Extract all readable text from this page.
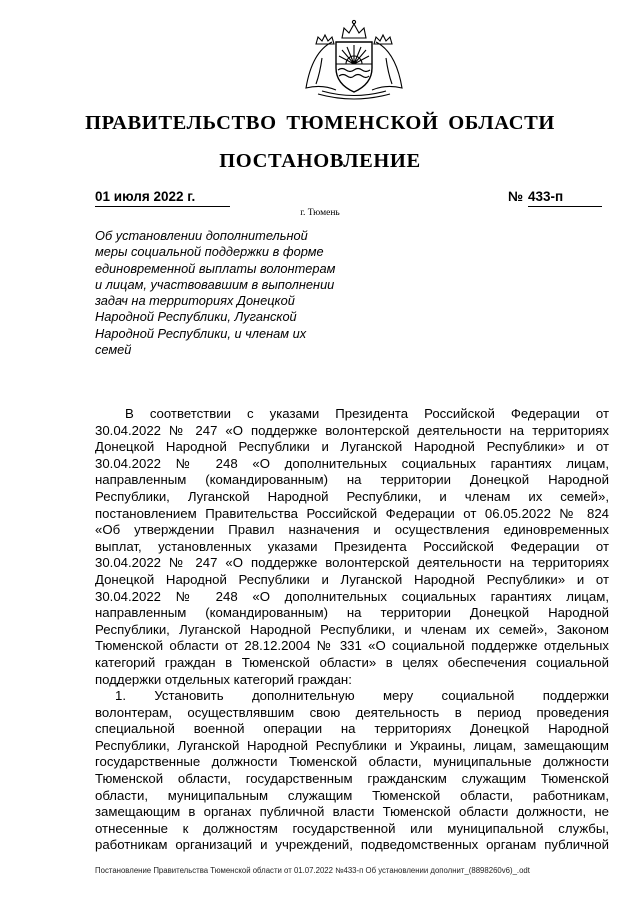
ПРАВИТЕЛЬСТВО ТЮМЕНСКОЙ ОБЛАСТИ
ПОСТАНОВЛЕНИЕ
01 июля 2022 г.	№ 433-п
г. Тюмень
Об установлении дополнительной
меры социальной поддержки в форме
единовременной выплаты волонтерам
и лицам, участвовавшим в выполнении
задач на территориях Донецкой
Народной Республики, Луганской
Народной Республики, и членам их
семей
В соответствии с указами Президента Российской Федерации от
30.04.2022 № 247 «О поддержке волонтерской деятельности на территориях
Донецкой Народной Республики и Луганской Народной Республики» и от
30.04.2022 № 248 «О дополнительных социальных гарантиях лицам,
направленным (командированным) на территории Донецкой Народной
Республики, Луганской Народной Республики, и членам их семей»,
постановлением Правительства Российской Федерации от 06.05.2022 № 824
«Об утверждении Правил назначения и осуществления единовременных
выплат, установленных указами Президента Российской Федерации от
30.04.2022 № 247 «О поддержке волонтерской деятельности на территориях
Донецкой Народной Республики и Луганской Народной Республики» и от
30.04.2022 № 248 «О дополнительных социальных гарантиях лицам,
направленным (командированным) на территории Донецкой Народной
Республики, Луганской Народной Республики, и членам их семей», Законом
Тюменской области от 28.12.2004 № 331 «О социальной поддержке отдельных
категорий граждан в Тюменской области» в целях обеспечения социальной
поддержки отдельных категорий граждан:
1. Установить дополнительную меру социальной поддержки
волонтерам, осуществлявшим свою деятельность в период проведения
специальной военной операции на территориях Донецкой Народной
Республики, Луганской Народной Республики и Украины, лицам, замещающим
государственные должности Тюменской области, муниципальные должности
Тюменской области, государственным гражданским служащим Тюменской
области, муниципальным служащим Тюменской области, работникам,
замещающим в органах публичной власти Тюменской области должности, не
отнесенные к должностям государственной или муниципальной службы,
работникам организаций и учреждений, подведомственных органам публичной
Постановление Правительства Тюменской области от 01.07.2022 №433-п Об установлении дополнит_(8898260v6)_.odt
